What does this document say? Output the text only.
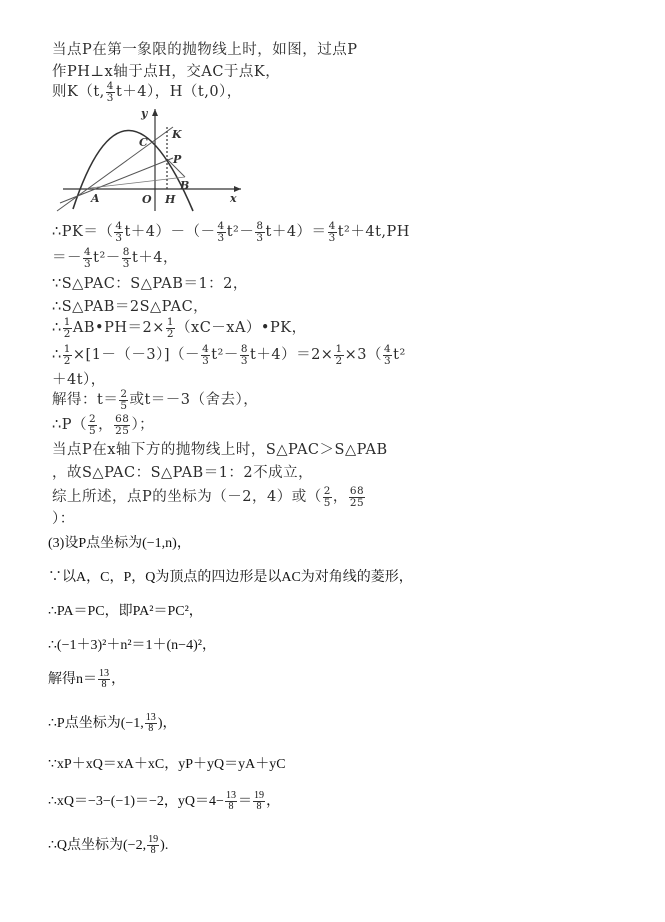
当点P在第一象限的抛物线上时，如图，过点P
作PH⊥x轴于点H，交AC于点K，
则K（t, $\frac{4}{3} t+4$），H（t,0），
y
x
C
K
P
B
A	O H
∴PK＝（ $\frac{4}{3} t+4)-(- \frac{4}{3} t^2- \frac{8}{3} t+4)= \frac{4}{3} t^2+4t,PH$
＝－ $\frac{4}{3} t^2- \frac{8}{3} t+4$，
∵S△PAC：S△PAB＝1：2，
∴S△PAB＝2S△PAC，
∴ $\frac{1}{2}$ AB•PH＝2× $\frac{1}{2}$ （xC－xA）•PK，
∴ $\frac{1}{2} \times[1-(-3)](- \frac{4}{3} t^2- \frac{8}{3} t+4)=2\times \frac{1}{2} \times 3( \frac{4}{3} t^2$
＋4t），
解得：$t= \frac{2}{5}$ 或t＝－3（舍去），
∴P（ $\frac{2}{5}$ ， $\frac{68}{25}$ ）；
当点P在x轴下方的抛物线上时，S△PAC＞S△PAB
，故S△PAC：S△PAB＝1：2不成立，
综上所述，点P的坐标为（－2，4）或（ $\frac{2}{5}$ ， $\frac{68}{25}$
）：
(3)设P点坐标为(−1,n)，
∵以A，C，P，Q为顶点的四边形是以AC为对角线的菱形，
∴PA＝PC，即PA²＝PC²，
∴(−1＋3)²＋n²＝1＋(n−4)²，
解得$n= \frac{13}{8}$ ，
∴P点坐标为(−1, $\frac{13}{8}$ )，
∵xP＋xQ＝xA＋xC，yP＋yQ＝yA＋yC
∴xQ＝−3−(−1)＝−2，$yQ=4- \frac{13}{8} = \frac{19}{8}$ ，
∴Q点坐标为(−2, $\frac{19}{8}$ ).
